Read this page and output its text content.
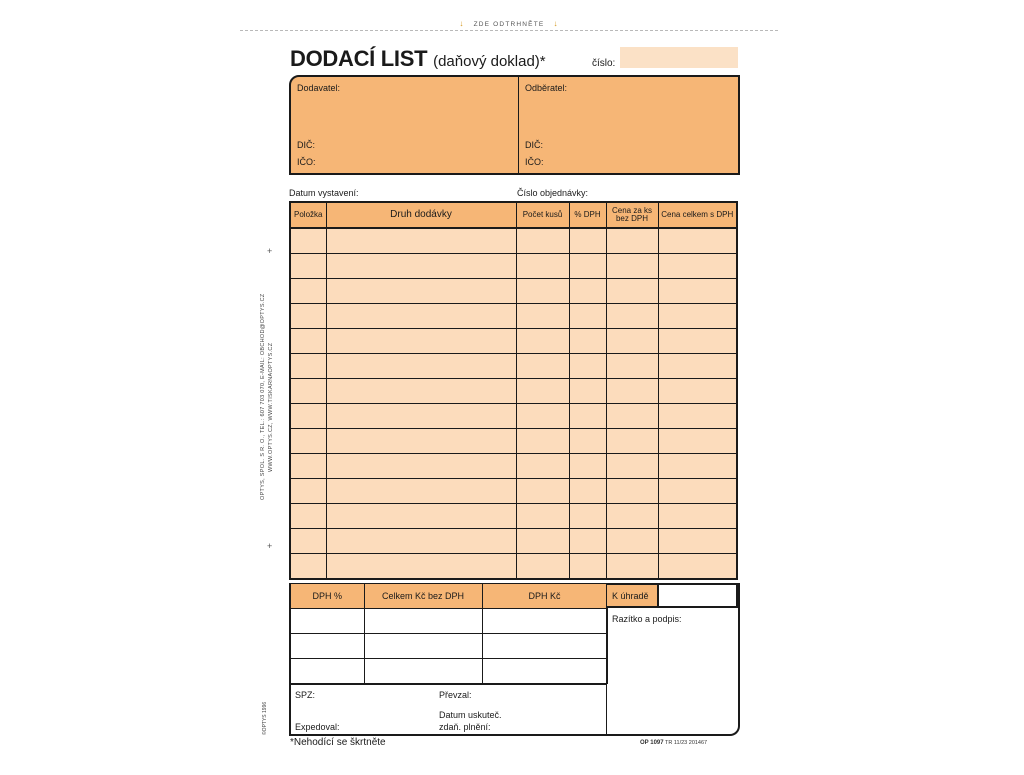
↓ ZDE ODTRHNĚTE ↓
DODACÍ LIST (daňový doklad)*	číslo:
Dodavatel:
DIČ:
IČO:
Odběratel:
DIČ:
IČO:
Datum vystavení:	Číslo objednávky:
Položka	Druh dodávky	Počet kusů	% DPH	Cena za ks bez DPH	Cena celkem s DPH

DPH %	Celkem Kč bez DPH	DPH Kč

			K úhradě
Razítko a podpis:
SPZ:	Převzal:
Datum uskuteč.
zdaň. plnění:
Expedoval:
OPTYS, SPOL. S R. O., TEL.: 607 703 070, E-MAIL: OBCHOD@OPTYS.CZ WWW.OPTYS.CZ, WWW.TISKARNAOPTYS.CZ
©OPTYS 1996
+
+
*Nehodící se škrtněte	OP 1097 TR 11/23 201467
